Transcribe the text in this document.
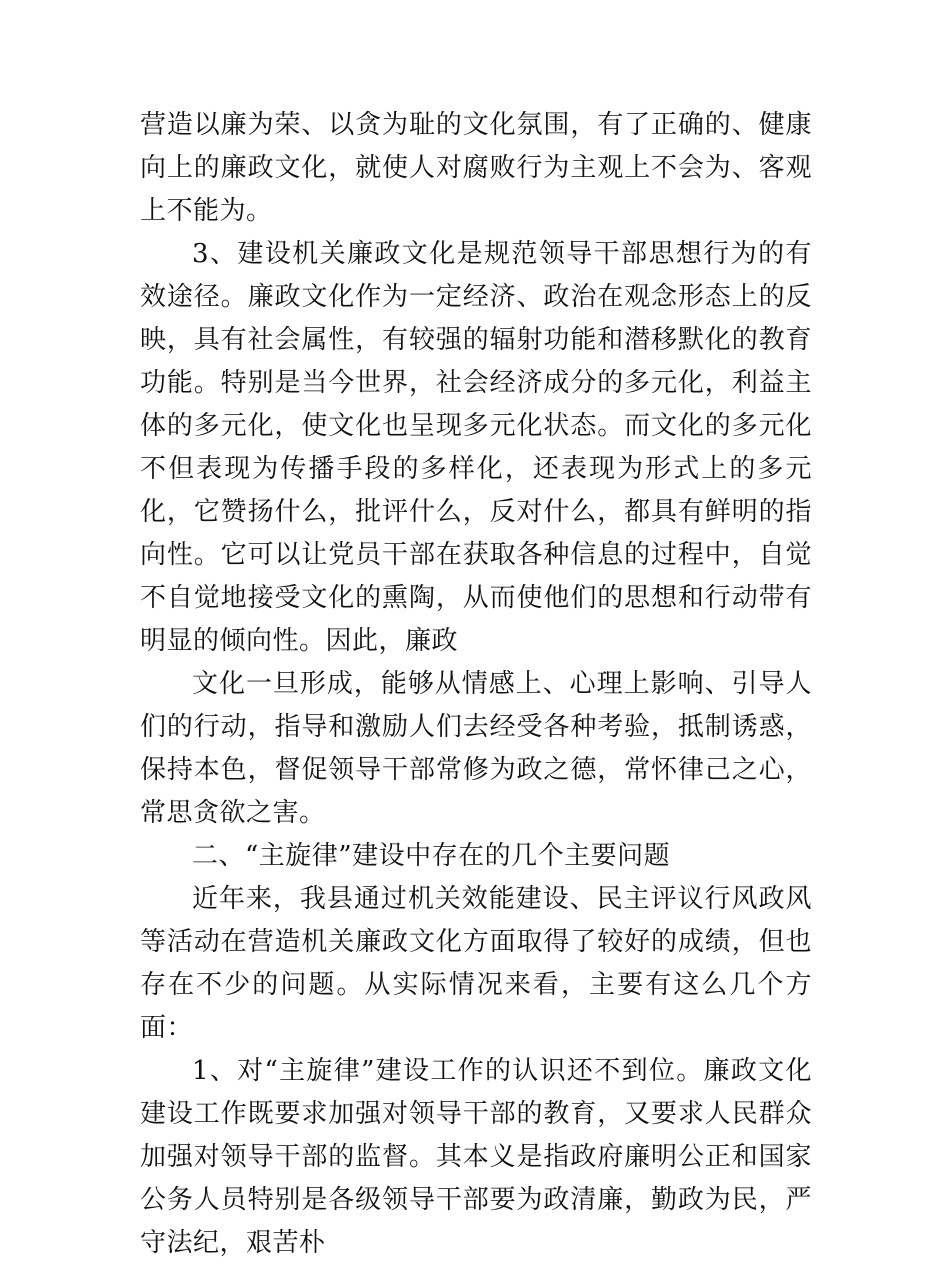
营造以廉为荣、以贪为耻的文化氛围，有了正确的、健康向上的廉政文化，就使人对腐败行为主观上不会为、客观上不能为。

3、建设机关廉政文化是规范领导干部思想行为的有效途径。廉政文化作为一定经济、政治在观念形态上的反映，具有社会属性，有较强的辐射功能和潜移默化的教育功能。特别是当今世界，社会经济成分的多元化，利益主体的多元化，使文化也呈现多元化状态。而文化的多元化不但表现为传播手段的多样化，还表现为形式上的多元化，它赞扬什么，批评什么，反对什么，都具有鲜明的指向性。它可以让党员干部在获取各种信息的过程中，自觉不自觉地接受文化的熏陶，从而使他们的思想和行动带有明显的倾向性。因此，廉政

文化一旦形成，能够从情感上、心理上影响、引导人们的行动，指导和激励人们去经受各种考验，抵制诱惑，保持本色，督促领导干部常修为政之德，常怀律己之心，常思贪欲之害。

二、“主旋律”建设中存在的几个主要问题

近年来，我县通过机关效能建设、民主评议行风政风等活动在营造机关廉政文化方面取得了较好的成绩，但也存在不少的问题。从实际情况来看，主要有这么几个方面：

1、对“主旋律”建设工作的认识还不到位。廉政文化建设工作既要求加强对领导干部的教育，又要求人民群众加强对领导干部的监督。其本义是指政府廉明公正和国家公务人员特别是各级领导干部要为政清廉，勤政为民，严守法纪，艰苦朴
